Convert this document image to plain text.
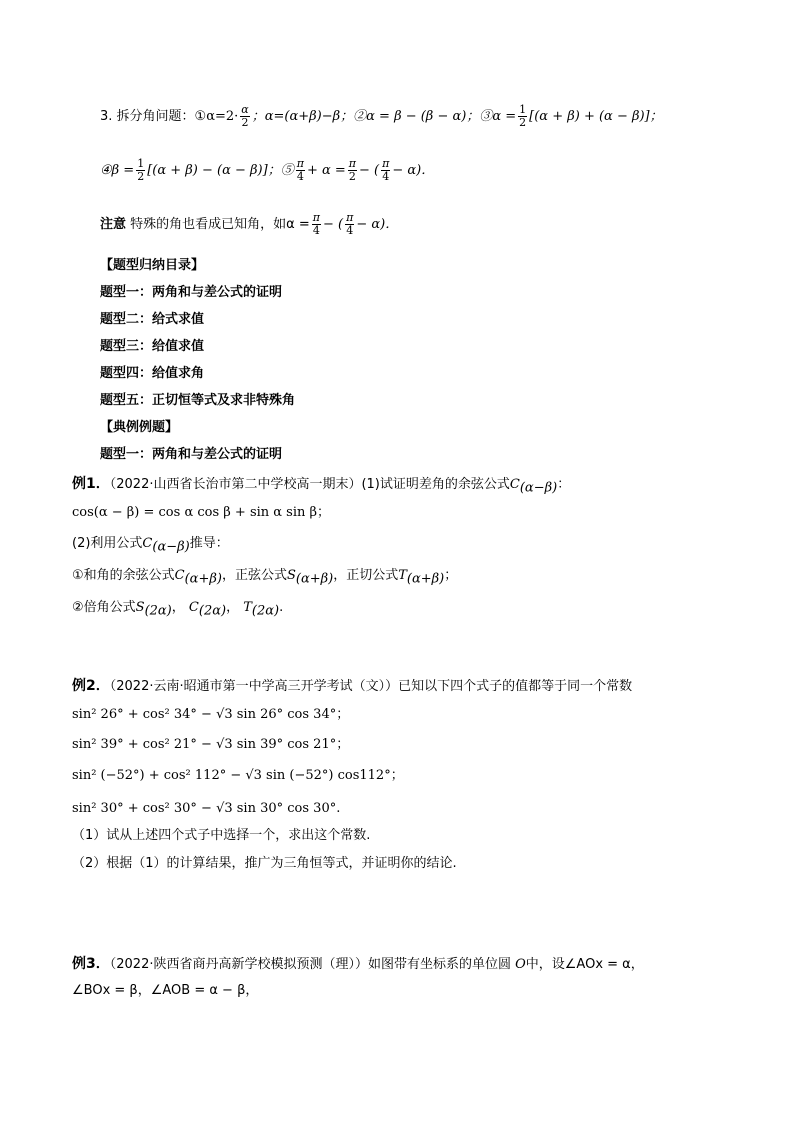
3. 拆分角问题：①α=2· $\frac{\alpha}{2}$ ；α=(α+β)−β；②α = β − (β − α)；③α = $\frac{1}{2} [(\alpha + \beta) + (\alpha - \beta)]$；
④β = $\frac{1}{2} [(\alpha + \beta) - (\alpha - \beta)]$；⑤ $\frac{\pi}{4} + \alpha = \frac{\pi}{2}$ − ( $\frac{\pi}{4} - \alpha$)．
注意 特殊的角也看成已知角，如$\alpha = \frac{\pi}{4}$ − ( $\frac{\pi}{4} - \alpha$)．
【题型归纳目录】
题型一：两角和与差公式的证明
题型二：给式求值
题型三：给值求值
题型四：给值求角
题型五：正切恒等式及求非特殊角
【典例例题】
题型一：两角和与差公式的证明
例1．（2022·山西省长治市第二中学校高一期末）(1)试证明差角的余弦公式$C_{(\alpha-\beta)}$：
cos(α − β) = cos α cos β + sin α sin β；
(2)利用公式$C_{(\alpha-\beta)}$推导：
①和角的余弦公式$C_{(\alpha+\beta)}$，正弦公式$S_{(\alpha+\beta)}$，正切公式$T_{(\alpha+\beta)}$；
②倍角公式$S_{(2\alpha)}$， $C_{(2\alpha)}$， $T_{(2\alpha)}$.
例2．（2022·云南·昭通市第一中学高三开学考试（文））已知以下四个式子的值都等于同一个常数
sin² 26° + cos² 34° − √3 sin 26° cos 34°；
sin² 39° + cos² 21° − √3 sin 39° cos 21°；
sin² (−52°) + cos² 112° − √3 sin (−52°) cos112°；
sin² 30° + cos² 30° − √3 sin 30° cos 30°.
（1）试从上述四个式子中选择一个，求出这个常数.
（2）根据（1）的计算结果，推广为三角恒等式，并证明你的结论.
例3．（2022·陕西省商丹高新学校模拟预测（理））如图带有坐标系的单位圆 O中，设∠AOx = α，
∠BOx = β，∠AOB = α − β，
